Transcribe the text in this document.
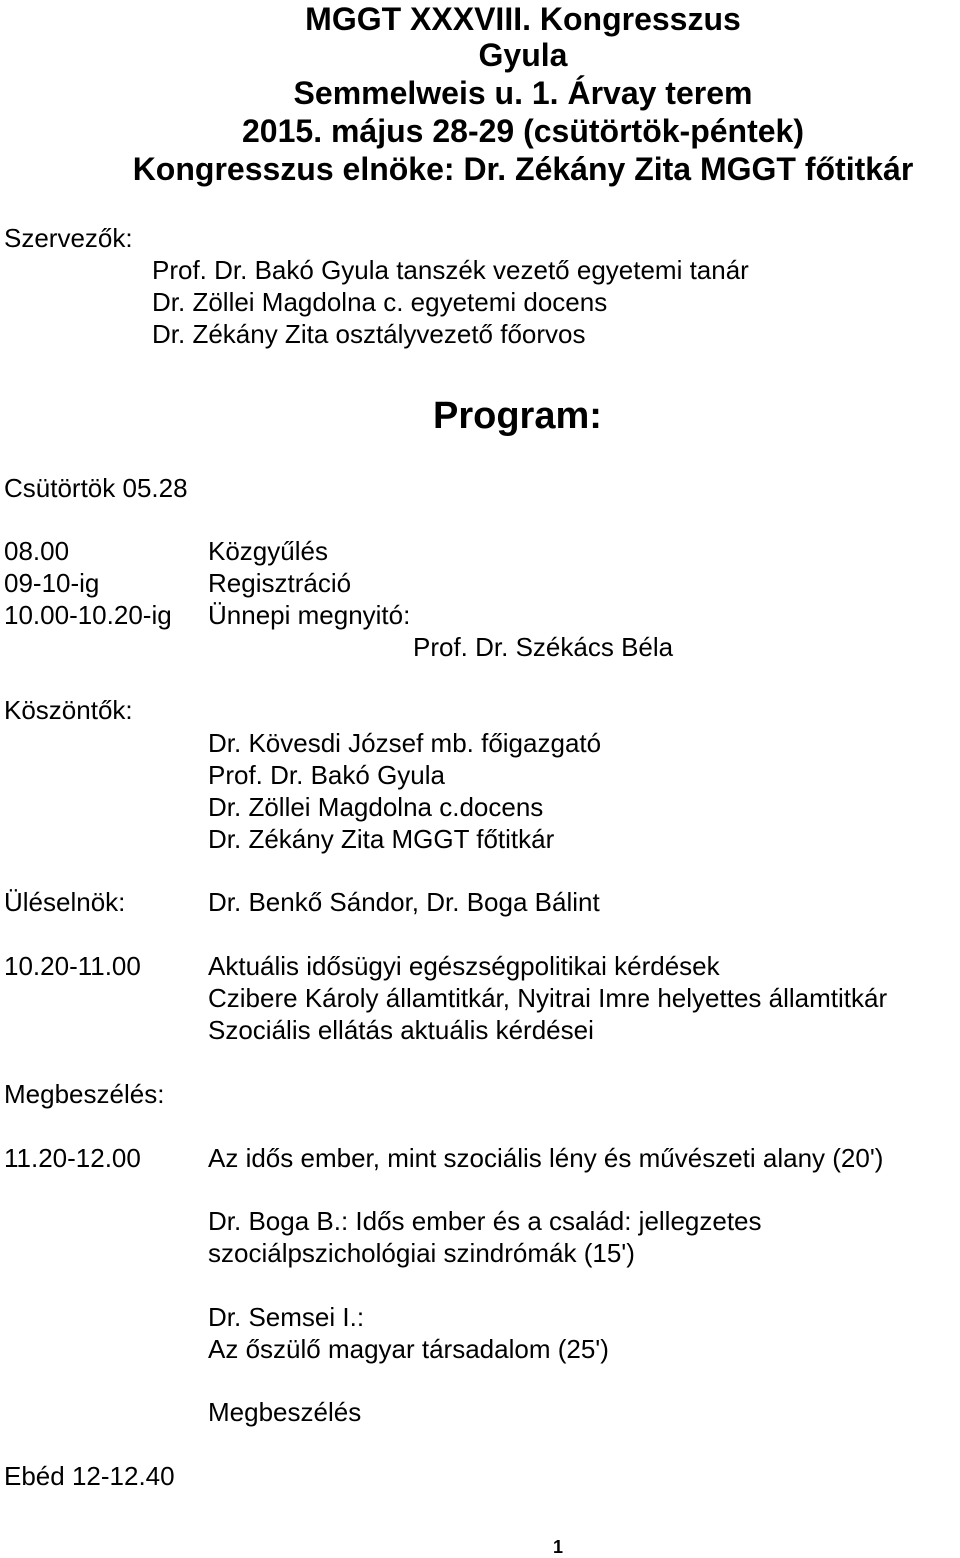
MGGT XXXVIII. Kongresszus
Gyula
Semmelweis u. 1. Árvay terem
2015. május 28-29 (csütörtök-péntek)
Kongresszus elnöke: Dr. Zékány Zita MGGT főtitkár
Szervezők:
Prof. Dr. Bakó Gyula tanszék vezető egyetemi tanár
Dr. Zöllei Magdolna c. egyetemi docens
Dr. Zékány Zita osztályvezető főorvos
Program:
Csütörtök 05.28
08.00	Közgyűlés
09-10-ig	Regisztráció
10.00-10.20-ig Ünnepi megnyitó:
Prof. Dr. Székács Béla
Köszöntők:
Dr. Kövesdi József mb. főigazgató
Prof. Dr. Bakó Gyula
Dr. Zöllei Magdolna c.docens
Dr. Zékány Zita MGGT főtitkár
Üléselnök:	Dr. Benkő Sándor, Dr. Boga Bálint
10.20-11.00	Aktuális idősügyi egészségpolitikai kérdések
Czibere Károly államtitkár, Nyitrai Imre helyettes államtitkár
Szociális ellátás aktuális kérdései
Megbeszélés:
11.20-12.00	Az idős ember, mint szociális lény és művészeti alany (20')
Dr. Boga B.: Idős ember és a család: jellegzetes
szociálpszichológiai szindrómák (15')
Dr. Semsei I.:
Az őszülő magyar társadalom (25')
Megbeszélés
Ebéd 12-12.40
1
